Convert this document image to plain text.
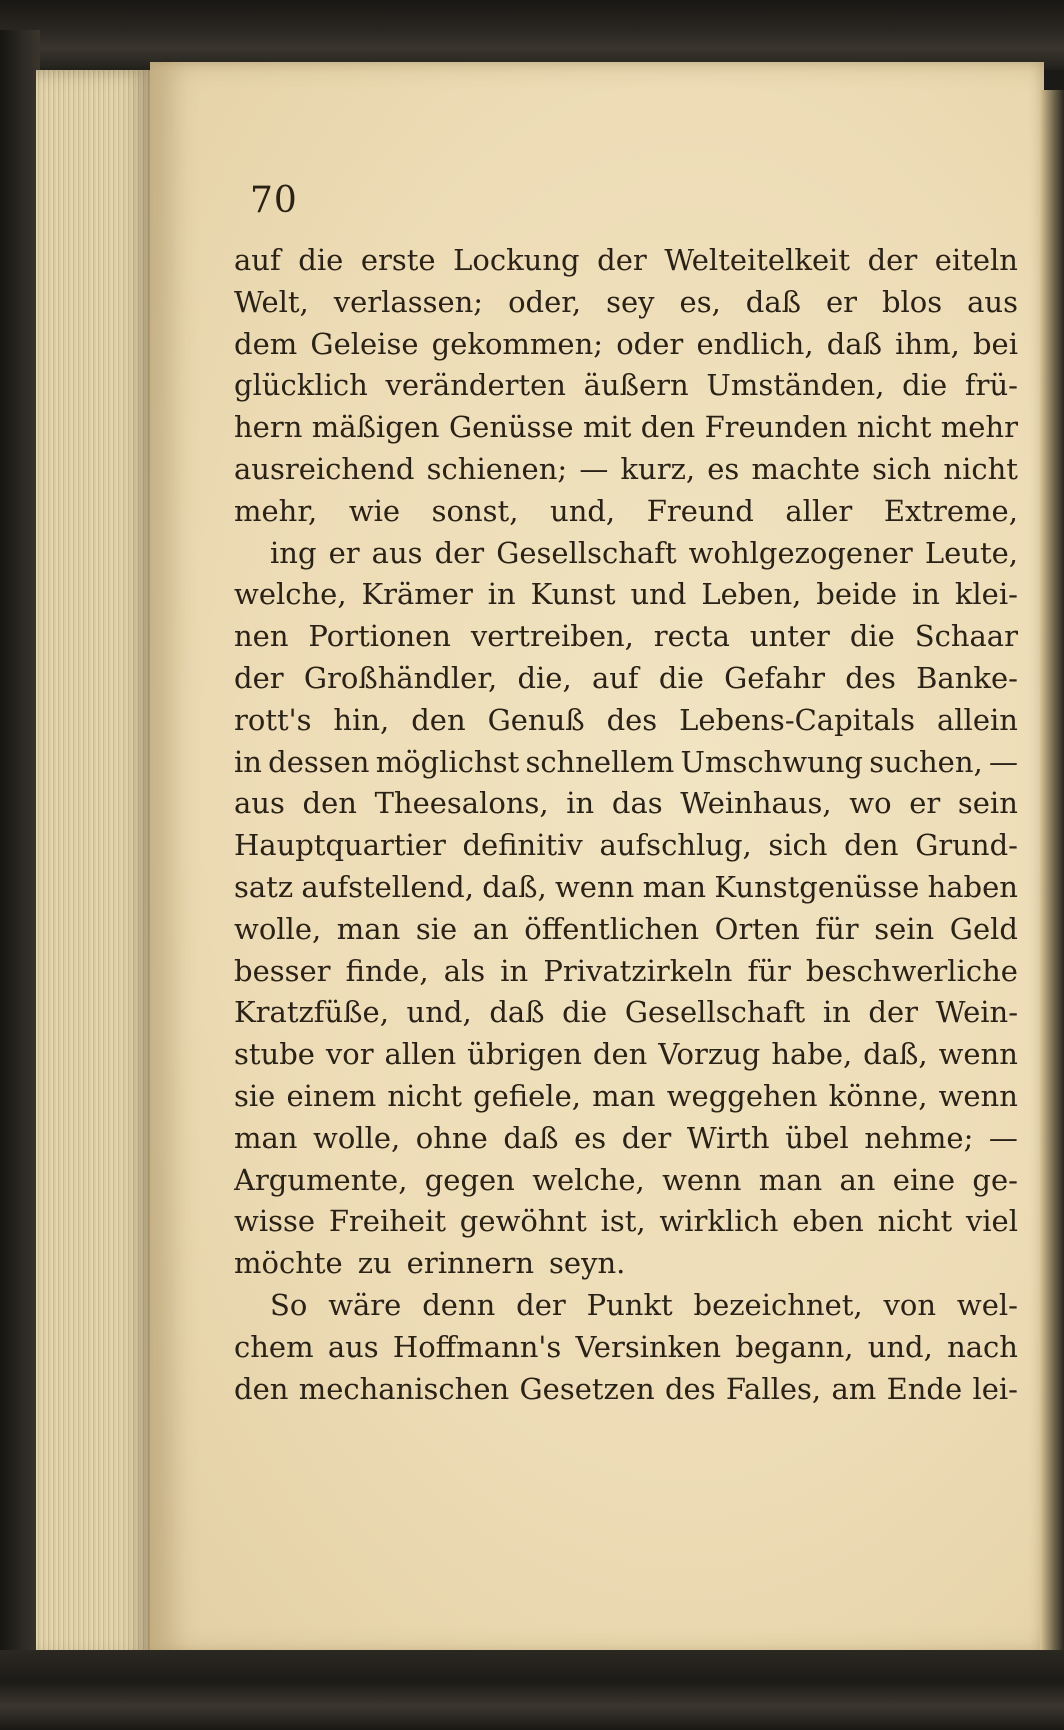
70
auf die erste Lockung der Welteitelkeit der eiteln
Welt, verlassen; oder, sey es, daß er blos aus
dem Geleise gekommen; oder endlich, daß ihm, bei
glücklich veränderten äußern Umständen, die frü-
hern mäßigen Genüsse mit den Freunden nicht mehr
ausreichend schienen; — kurz, es machte sich nicht
mehr, wie sonst, und, Freund aller Extreme,
ing er aus der Gesellschaft wohlgezogener Leute,
welche, Krämer in Kunst und Leben, beide in klei-
nen Portionen vertreiben, recta unter die Schaar
der Großhändler, die, auf die Gefahr des Banke-
rott's hin, den Genuß des Lebens-Capitals allein
in dessen möglichst schnellem Umschwung suchen, —
aus den Theesalons, in das Weinhaus, wo er sein
Hauptquartier definitiv aufschlug, sich den Grund-
satz aufstellend, daß, wenn man Kunstgenüsse haben
wolle, man sie an öffentlichen Orten für sein Geld
besser finde, als in Privatzirkeln für beschwerliche
Kratzfüße, und, daß die Gesellschaft in der Wein-
stube vor allen übrigen den Vorzug habe, daß, wenn
sie einem nicht gefiele, man weggehen könne, wenn
man wolle, ohne daß es der Wirth übel nehme; —
Argumente, gegen welche, wenn man an eine ge-
wisse Freiheit gewöhnt ist, wirklich eben nicht viel
möchte zu erinnern seyn.
So wäre denn der Punkt bezeichnet, von wel-
chem aus Hoffmann's Versinken begann, und, nach
den mechanischen Gesetzen des Falles, am Ende lei-
